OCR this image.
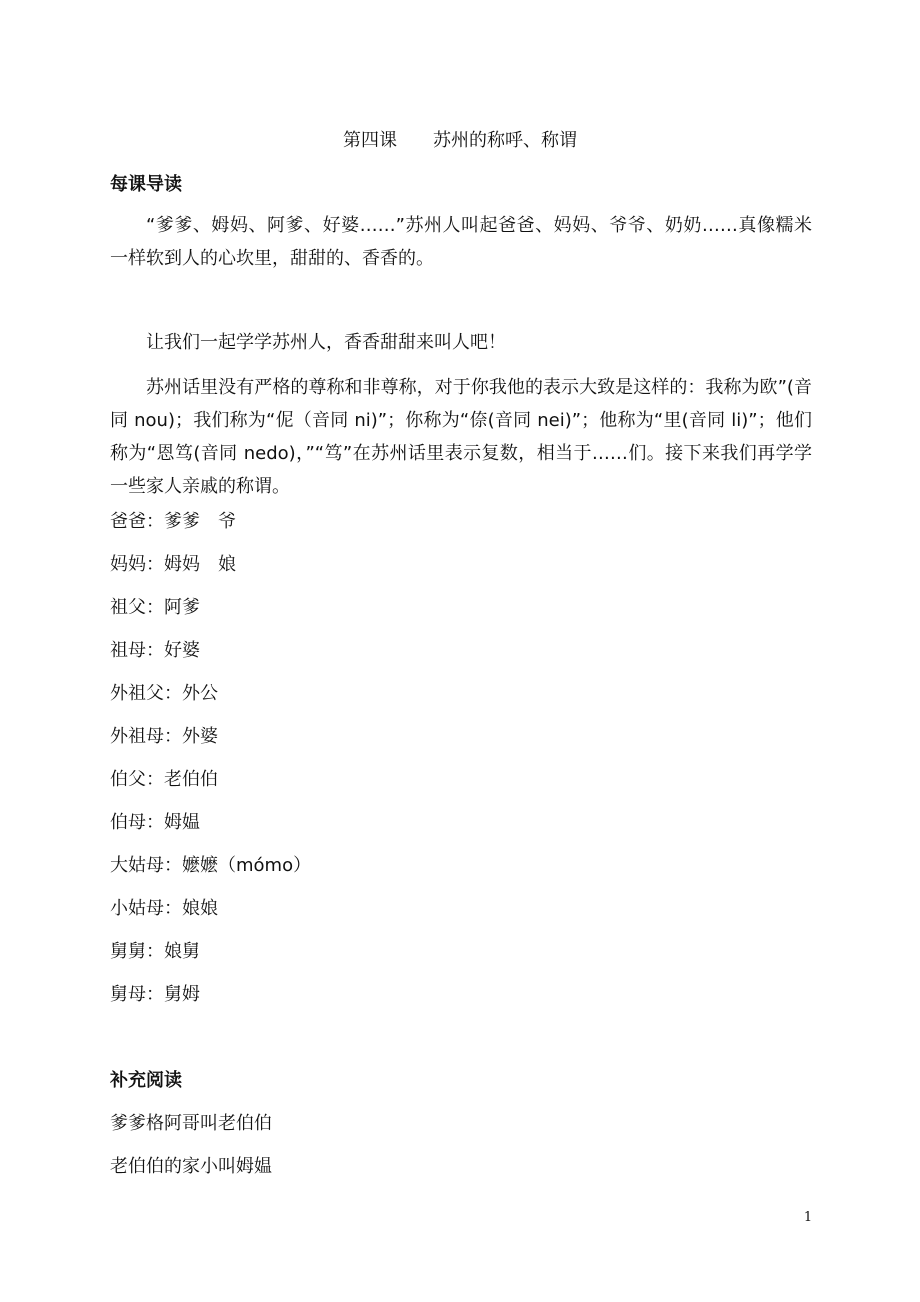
第四课　　苏州的称呼、称谓
每课导读

“爹爹、姆妈、阿爹、好婆……”苏州人叫起爸爸、妈妈、爷爷、奶奶……真像糯米一样软到人的心坎里，甜甜的、香香的。

让我们一起学学苏州人，香香甜甜来叫人吧！

苏州话里没有严格的尊称和非尊称，对于你我他的表示大致是这样的：我称为欧”(音同 nou)；我们称为“伲（音同 ni)”；你称为“倷(音同 nei)”；他称为“里(音同 li)”；他们称为“恩笃(音同 nedo)，”“笃”在苏州话里表示复数，相当于……们。接下来我们再学学一些家人亲戚的称谓。

爸爸：爹爹　爷
妈妈：姆妈　娘
祖父：阿爹
祖母：好婆
外祖父：外公
外祖母：外婆
伯父：老伯伯
伯母：姆媪
大姑母：嬷嬷（mómo）
小姑母：娘娘
舅舅：娘舅
舅母：舅姆
补充阅读
爹爹格阿哥叫老伯伯
老伯伯的家小叫姆媪
1
